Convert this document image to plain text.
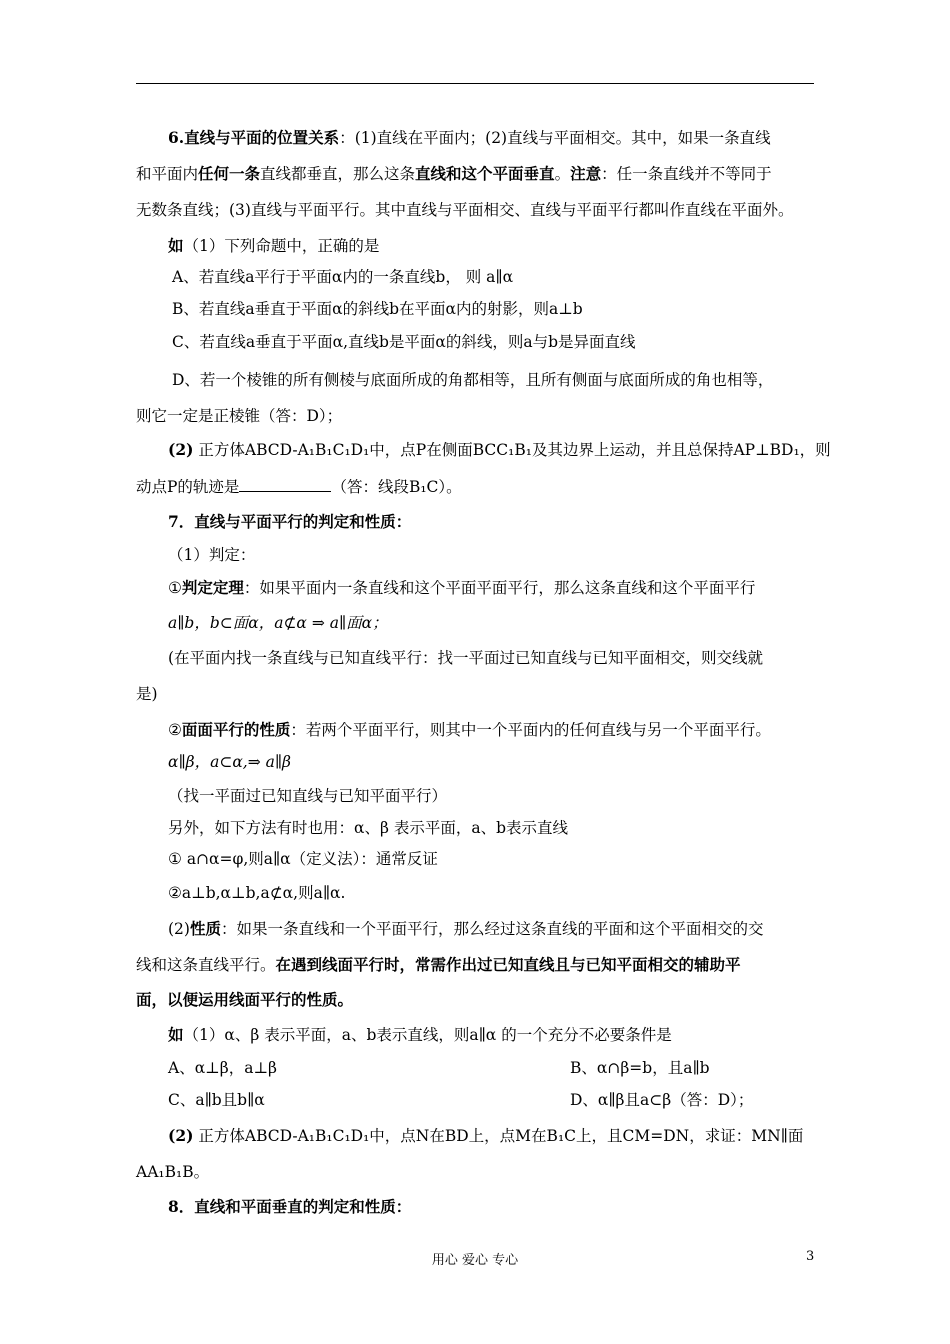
6.直线与平面的位置关系：(1)直线在平面内；(2)直线与平面相交。其中，如果一条直线
和平面内任何一条直线都垂直，那么这条直线和这个平面垂直。注意：任一条直线并不等同于
无数条直线；(3)直线与平面平行。其中直线与平面相交、直线与平面平行都叫作直线在平面外。
如（1）下列命题中，正确的是
A、若直线a平行于平面α内的一条直线b， 则 a∥α
B、若直线a垂直于平面α的斜线b在平面α内的射影，则a⊥b
C、若直线a垂直于平面α,直线b是平面α的斜线，则a与b是异面直线
D、若一个棱锥的所有侧棱与底面所成的角都相等，且所有侧面与底面所成的角也相等，
则它一定是正棱锥（答：D）；
(2) 正方体ABCD-A₁B₁C₁D₁中，点P在侧面BCC₁B₁及其边界上运动，并且总保持AP⊥BD₁，则
动点P的轨迹是	（答：线段B₁C）。
7．直线与平面平行的判定和性质：
（1）判定：
①判定定理：如果平面内一条直线和这个平面平面平行，那么这条直线和这个平面平行
a∥b，b⊂面α，a⊄α ⇒ a∥面α；
(在平面内找一条直线与已知直线平行：找一平面过已知直线与已知平面相交，则交线就
是)
②面面平行的性质：若两个平面平行，则其中一个平面内的任何直线与另一个平面平行。
α∥β，a⊂α,⇒ a∥β
（找一平面过已知直线与已知平面平行）
另外，如下方法有时也用：α、β 表示平面，a、b表示直线
① a∩α=φ,则a∥α（定义法）：通常反证
②a⊥b,α⊥b,a⊄α,则a∥α.
(2)性质：如果一条直线和一个平面平行，那么经过这条直线的平面和这个平面相交的交
线和这条直线平行。在遇到线面平行时，常需作出过已知直线且与已知平面相交的辅助平
面，以便运用线面平行的性质。
如（1）α、β 表示平面，a、b表示直线，则a∥α 的一个充分不必要条件是
A、α⊥β，a⊥β	B、α∩β=b，且a∥b
C、a∥b且b∥α	D、α∥β且a⊂β（答：D）；
(2) 正方体ABCD-A₁B₁C₁D₁中，点N在BD上，点M在B₁C上，且CM=DN，求证：MN∥面
AA₁B₁B。
8．直线和平面垂直的判定和性质：
用心 爱心 专心	3
